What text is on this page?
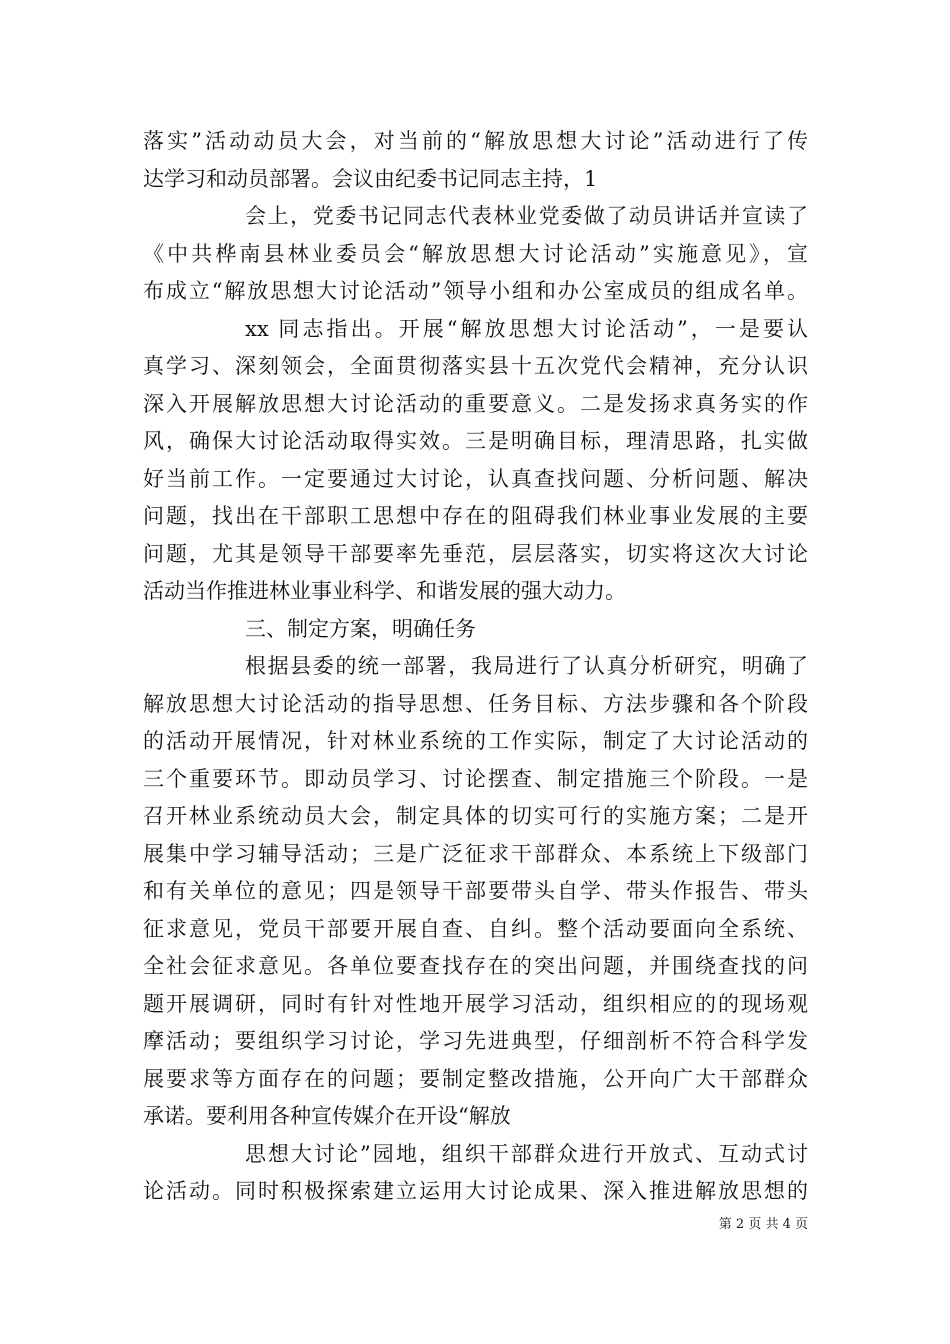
落实”活动动员大会，对当前的“解放思想大讨论”活动进行了传
达学习和动员部署。会议由纪委书记同志主持，1
会上，党委书记同志代表林业党委做了动员讲话并宣读了
《中共桦南县林业委员会“解放思想大讨论活动”实施意见》，宣
布成立“解放思想大讨论活动”领导小组和办公室成员的组成名单。
xx 同志指出。开展“解放思想大讨论活动”，一是要认
真学习、深刻领会，全面贯彻落实县十五次党代会精神，充分认识
深入开展解放思想大讨论活动的重要意义。二是发扬求真务实的作
风，确保大讨论活动取得实效。三是明确目标，理清思路，扎实做
好当前工作。一定要通过大讨论，认真查找问题、分析问题、解决
问题，找出在干部职工思想中存在的阻碍我们林业事业发展的主要
问题，尤其是领导干部要率先垂范，层层落实，切实将这次大讨论
活动当作推进林业事业科学、和谐发展的强大动力。
三、制定方案，明确任务
根据县委的统一部署，我局进行了认真分析研究，明确了
解放思想大讨论活动的指导思想、任务目标、方法步骤和各个阶段
的活动开展情况，针对林业系统的工作实际，制定了大讨论活动的
三个重要环节。即动员学习、讨论摆查、制定措施三个阶段。一是
召开林业系统动员大会，制定具体的切实可行的实施方案；二是开
展集中学习辅导活动；三是广泛征求干部群众、本系统上下级部门
和有关单位的意见；四是领导干部要带头自学、带头作报告、带头
征求意见，党员干部要开展自查、自纠。整个活动要面向全系统、
全社会征求意见。各单位要查找存在的突出问题，并围绕查找的问
题开展调研，同时有针对性地开展学习活动，组织相应的的现场观
摩活动；要组织学习讨论，学习先进典型，仔细剖析不符合科学发
展要求等方面存在的问题；要制定整改措施，公开向广大干部群众
承诺。要利用各种宣传媒介在开设“解放
思想大讨论”园地，组织干部群众进行开放式、互动式讨
论活动。同时积极探索建立运用大讨论成果、深入推进解放思想的
第 2 页 共 4 页
